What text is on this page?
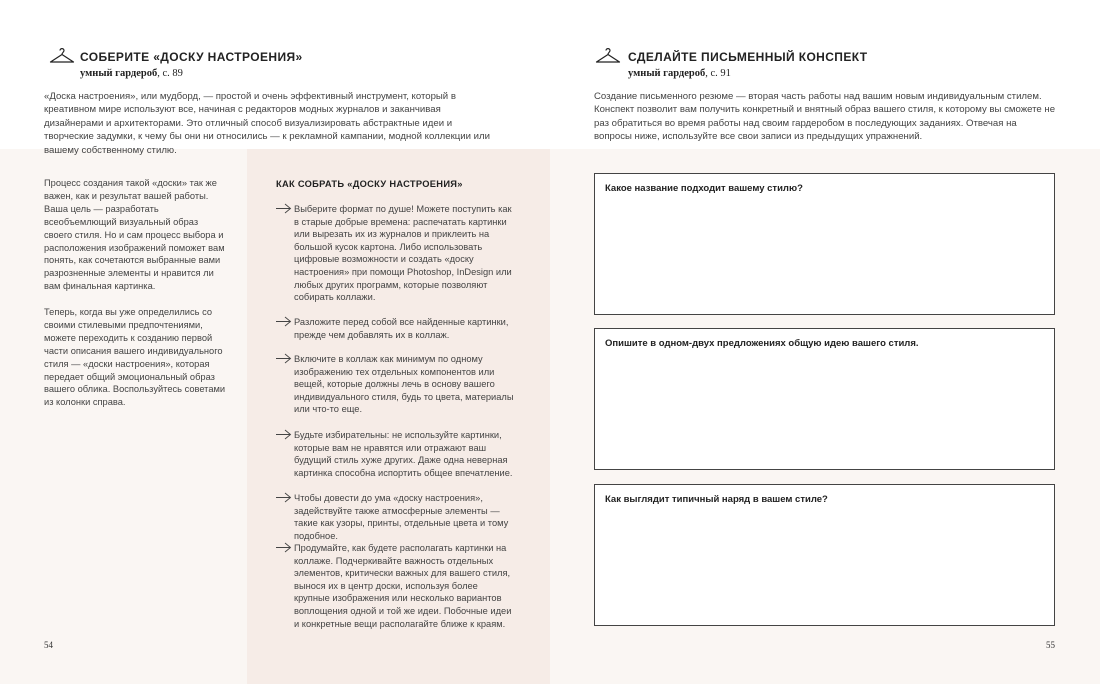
СОБЕРИТЕ «ДОСКУ НАСТРОЕНИЯ»
умный гардероб, с. 89

«Доска настроения», или мудборд, — простой и очень эффективный инструмент, который в креативном мире используют все, начиная с редакторов модных журналов и заканчивая дизайнерами и архитекторами. Это отличный способ визуализировать абстрактные идеи и творческие задумки, к чему бы они ни относились — к рекламной кампании, модной коллекции или вашему собственному стилю.

Процесс создания такой «доски» так же важен, как и результат вашей работы. Ваша цель — разработать всеобъемлющий визуальный образ своего стиля. Но и сам процесс выбора и расположения изображений поможет вам понять, как сочетаются выбранные вами разрозненные элементы и нравится ли вам финальная картинка.

Теперь, когда вы уже определились со своими стилевыми предпочтениями, можете переходить к созданию первой части описания вашего индивидуального стиля — «доски настроения», которая передает общий эмоциональный образ вашего облика. Воспользуйтесь советами из колонки справа.

КАК СОБРАТЬ «ДОСКУ НАСТРОЕНИЯ»
Выберите формат по душе! Можете поступить как в старые добрые времена: распечатать картинки или вырезать их из журналов и приклеить на большой кусок картона. Либо использовать цифровые возможности и создать «доску настроения» при помощи Photoshop, InDesign или любых других программ, которые позволяют собирать коллажи.
Разложите перед собой все найденные картинки, прежде чем добавлять их в коллаж.
Включите в коллаж как минимум по одному изображению тех отдельных компонентов или вещей, которые должны лечь в основу вашего индивидуального стиля, будь то цвета, материалы или что-то еще.
Будьте избирательны: не используйте картинки, которые вам не нравятся или отражают ваш будущий стиль хуже других. Даже одна неверная картинка способна испортить общее впечатление.
Чтобы довести до ума «доску настроения», задействуйте также атмосферные элементы — такие как узоры, принты, отдельные цвета и тому подобное.
Продумайте, как будете располагать картинки на коллаже. Подчеркивайте важность отдельных элементов, критически важных для вашего стиля, вынося их в центр доски, используя более крупные изображения или несколько вариантов воплощения одной и той же идеи. Побочные идеи и конкретные вещи располагайте ближе к краям.
54
СДЕЛАЙТЕ ПИСЬМЕННЫЙ КОНСПЕКТ
умный гардероб, с. 91

Создание письменного резюме — вторая часть работы над вашим новым индивидуальным стилем. Конспект позволит вам получить конкретный и внятный образ вашего стиля, к которому вы сможете не раз обратиться во время работы над своим гардеробом в последующих заданиях. Отвечая на вопросы ниже, используйте все свои записи из предыдущих упражнений.

Какое название подходит вашему стилю?
Опишите в одном-двух предложениях общую идею вашего стиля.
Как выглядит типичный наряд в вашем стиле?
55
